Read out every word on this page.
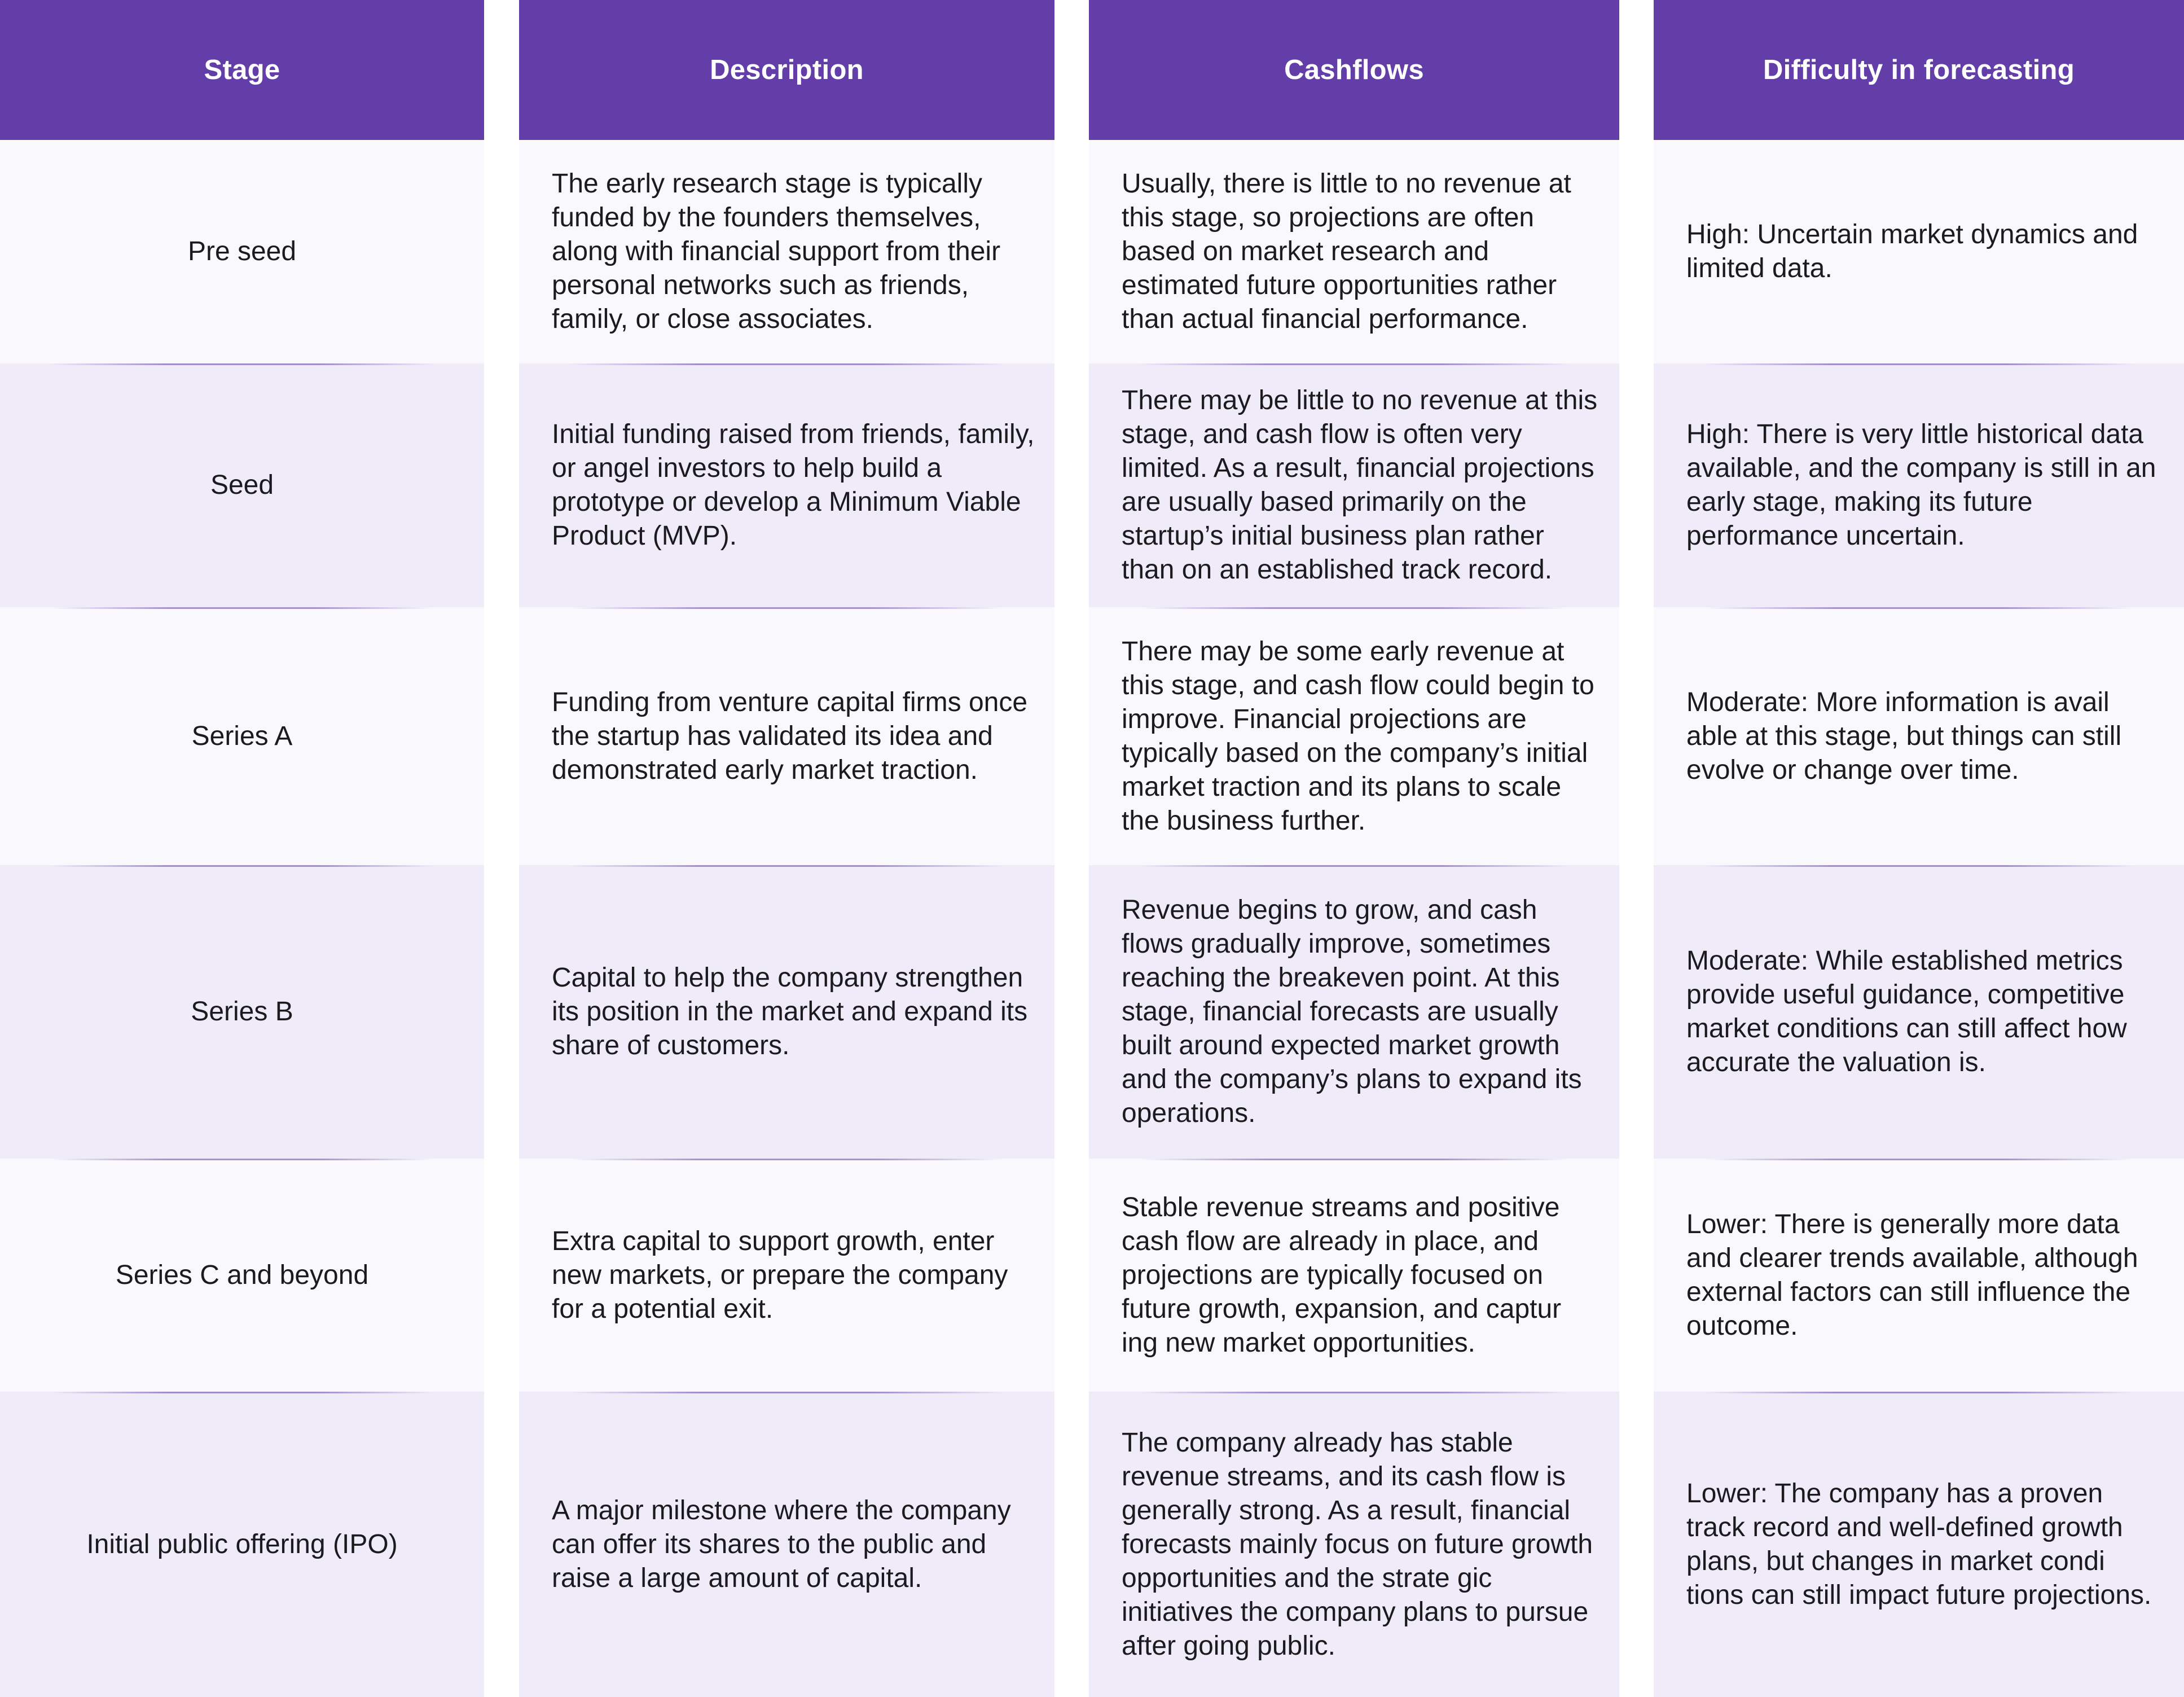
Stage
Pre seed
Seed
Series A
Series B
Series C and beyond
Initial public offering (IPO)
Description
The early research stage is typically funded by the founders themselves, along with financial support from their personal networks such as friends, family, or close associates.
Initial funding raised from friends, family, or angel investors to help build a prototype or develop a Minimum Viable Product (MVP).
Funding from venture capital firms once the startup has validated its idea and demonstrated early market traction.
Capital to help the company strengthen its position in the market and expand its share of customers.
Extra capital to support growth, enter new markets, or prepare the company for a potential exit.
A major milestone where the company can offer its shares to the public and raise a large amount of capital.
Cashflows
Usually, there is little to no revenue at this stage, so projections are often based on market research and estimated future opportunities rather than actual financial performance.
There may be little to no revenue at this stage, and cash flow is often very limited. As a result, financial projections are usually based primarily on the startup’s initial business plan rather than on an established track record.
There may be some early revenue at this stage, and cash flow could begin to improve. Financial projections are typically based on the company’s initial market traction and its plans to scale the business further.
Revenue begins to grow, and cash flows gradually improve, sometimes reaching the breakeven point. At this stage, financial forecasts are usually built around expected market growth and the company’s plans to expand its operations.
Stable revenue streams and positive cash flow are already in place, and projections are typically focused on future growth, expansion, and captur ing new market opportunities.
The company already has stable revenue streams, and its cash flow is generally strong. As a result, financial forecasts mainly focus on future growth opportunities and the strate gic initiatives the company plans to pursue after going public.
Difficulty in forecasting
High: Uncertain market dynamics and limited data.
High: There is very little historical data available, and the company is still in an early stage, making its future performance uncertain.
Moderate: More information is avail able at this stage, but things can still evolve or change over time.
Moderate: While established metrics provide useful guidance, competitive market conditions can still affect how accurate the valuation is.
Lower: There is generally more data and clearer trends available, although external factors can still influence the outcome.
Lower: The company has a proven track record and well-defined growth plans, but changes in market condi tions can still impact future projections.
